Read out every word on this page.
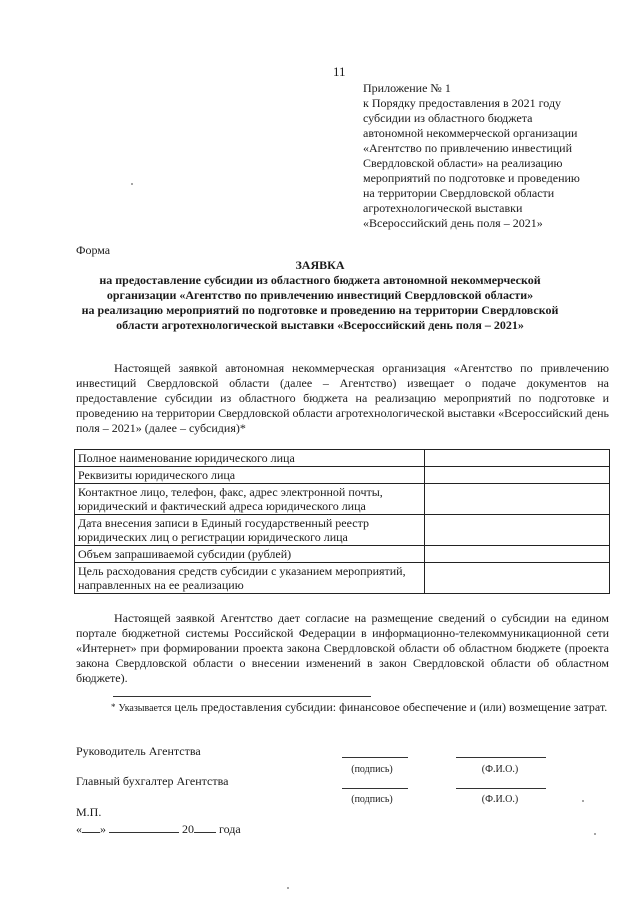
11
Приложение № 1
к Порядку предоставления в 2021 году
субсидии из областного бюджета
автономной некоммерческой организации
«Агентство по привлечению инвестиций
Свердловской области» на реализацию
мероприятий по подготовке и проведению
на территории Свердловской области
агротехнологической выставки
«Всероссийский день поля – 2021»
Форма
ЗАЯВКА
на предоставление субсидии из областного бюджета автономной некоммерческой
организации «Агентство по привлечению инвестиций Свердловской области»
на реализацию мероприятий по подготовке и проведению на территории Свердловской
области агротехнологической выставки «Всероссийский день поля – 2021»
Настоящей заявкой автономная некоммерческая организация «Агентство по привлечению инвестиций Свердловской области (далее – Агентство) извещает о подаче документов на предоставление субсидии из областного бюджета на реализацию мероприятий по подготовке и проведению на территории Свердловской области агротехнологической выставки «Всероссийский день поля – 2021» (далее – субсидия)*
Полное наименование юридического лица	
Реквизиты юридического лица	
Контактное лицо, телефон, факс, адрес электронной почты, юридический и фактический адреса юридического лица	
Дата внесения записи в Единый государственный реестр юридических лиц о регистрации юридического лица	
Объем запрашиваемой субсидии (рублей)	
Цель расходования средств субсидии с указанием мероприятий, направленных на ее реализацию	
Настоящей заявкой Агентство дает согласие на размещение сведений о субсидии на едином портале бюджетной системы Российской Федерации в информационно-телекоммуникационной сети «Интернет» при формировании проекта закона Свердловской области об областном бюджете (проекта закона Свердловской области о внесении изменений в закон Свердловской области об областном бюджете).
* Указывается цель предоставления субсидии: финансовое обеспечение и (или) возмещение затрат.
Руководитель Агентства
(подпись)	(Ф.И.О.)
Главный бухгалтер Агентства
(подпись)	(Ф.И.О.)
М.П.
« »	20 года
